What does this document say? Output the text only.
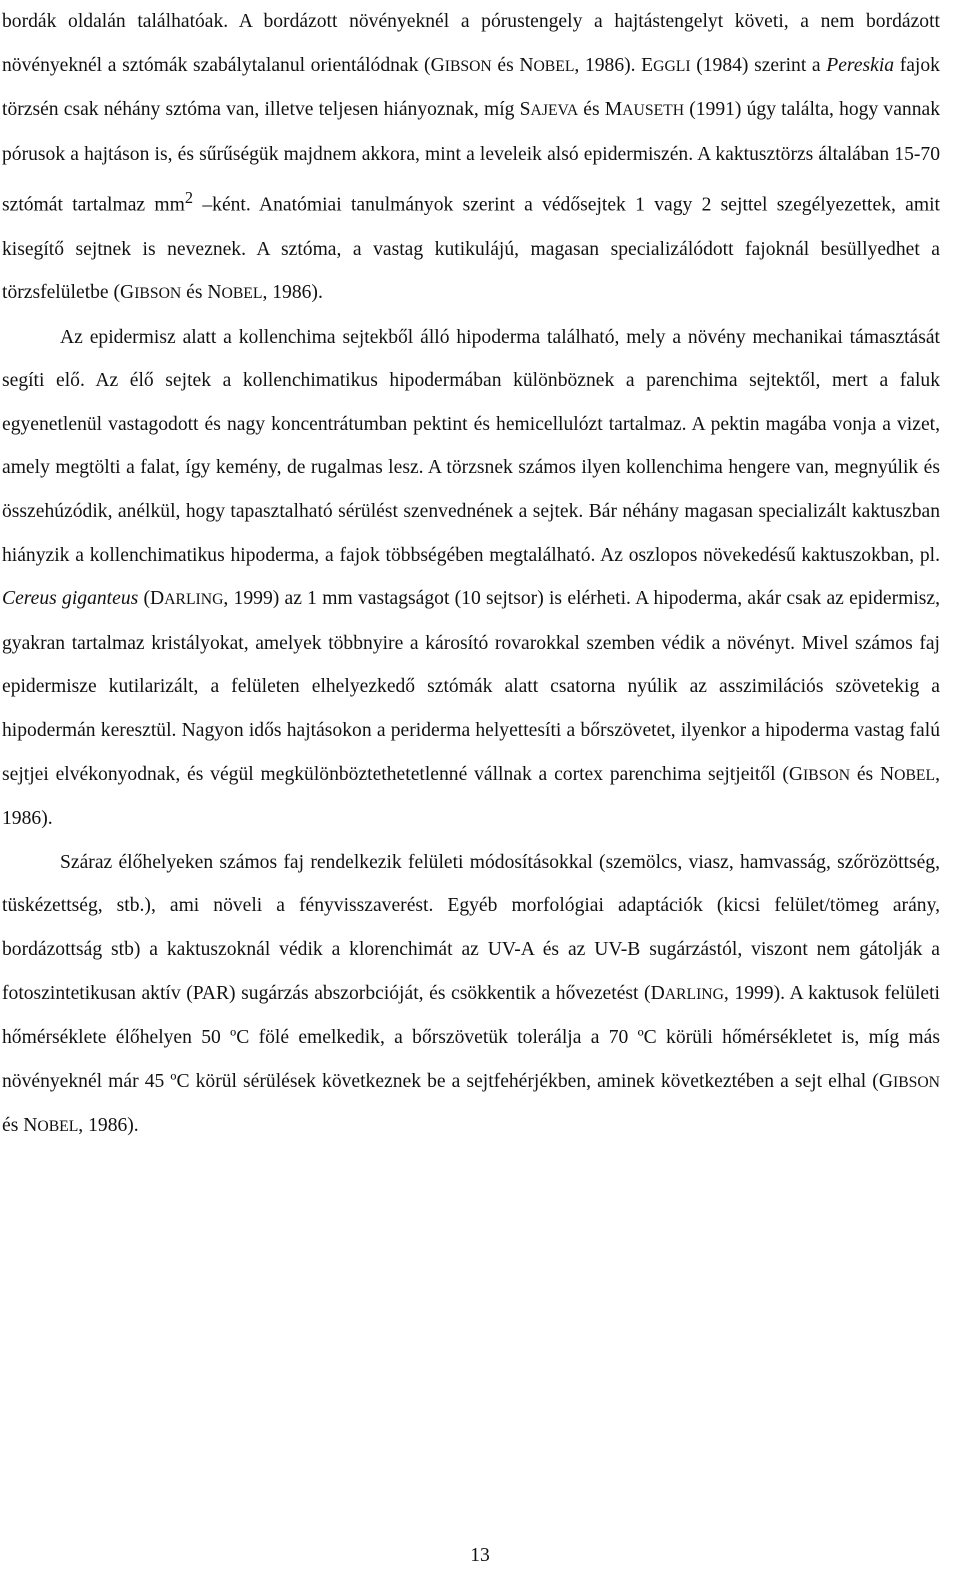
bordák oldalán találhatóak. A bordázott növényeknél a pórustengely a hajtástengelyt követi, a nem bordázott növényeknél a sztómák szabálytalanul orientálódnak (GIBSON és NOBEL, 1986). EGGLI (1984) szerint a Pereskia fajok törzsén csak néhány sztóma van, illetve teljesen hiányoznak, míg SAJEVA és MAUSETH (1991) úgy találta, hogy vannak pórusok a hajtáson is, és sűrűségük majdnem akkora, mint a leveleik alsó epidermiszén. A kaktusztörzs általában 15-70 sztómát tartalmaz $mm^2$ –ként. Anatómiai tanulmányok szerint a védősejtek 1 vagy 2 sejttel szegélyezettek, amit kisegítő sejtnek is neveznek. A sztóma, a vastag kutikulájú, magasan specializálódott fajoknál besüllyedhet a törzsfelületbe (GIBSON és NOBEL, 1986).

Az epidermisz alatt a kollenchima sejtekből álló hipoderma található, mely a növény mechanikai támasztását segíti elő. Az élő sejtek a kollenchimatikus hipodermában különböznek a parenchima sejtektől, mert a faluk egyenetlenül vastagodott és nagy koncentrátumban pektint és hemicellulózt tartalmaz. A pektin magába vonja a vizet, amely megtölti a falat, így kemény, de rugalmas lesz. A törzsnek számos ilyen kollenchima hengere van, megnyúlik és összehúzódik, anélkül, hogy tapasztalható sérülést szenvednének a sejtek. Bár néhány magasan specializált kaktuszban hiányzik a kollenchimatikus hipoderma, a fajok többségében megtalálható. Az oszlopos növekedésű kaktuszokban, pl. Cereus giganteus (DARLING, 1999) az 1 mm vastagságot (10 sejtsor) is elérheti. A hipoderma, akár csak az epidermisz, gyakran tartalmaz kristályokat, amelyek többnyire a károsító rovarokkal szemben védik a növényt. Mivel számos faj epidermisze kutilarizált, a felületen elhelyezkedő sztómák alatt csatorna nyúlik az asszimilációs szövetekig a hipodermán keresztül. Nagyon idős hajtásokon a periderma helyettesíti a bőrszövetet, ilyenkor a hipoderma vastag falú sejtjei elvékonyodnak, és végül megkülönböztethetetlenné vállnak a cortex parenchima sejtjeitől (GIBSON és NOBEL, 1986).

Száraz élőhelyeken számos faj rendelkezik felületi módosításokkal (szemölcs, viasz, hamvasság, szőrözöttség, tüskézettség, stb.), ami növeli a fényvisszaverést. Egyéb morfológiai adaptációk (kicsi felület/tömeg arány, bordázottság stb) a kaktuszoknál védik a klorenchimát az UV-A és az UV-B sugárzástól, viszont nem gátolják a fotoszintetikusan aktív (PAR) sugárzás abszorbcióját, és csökkentik a hővezetést (DARLING, 1999). A kaktusok felületi hőmérséklete élőhelyen 50 ºC fölé emelkedik, a bőrszövetük tolerálja a 70 ºC körüli hőmérsékletet is, míg más növényeknél már 45 ºC körül sérülések következnek be a sejtfehérjékben, aminek következtében a sejt elhal (GIBSON és NOBEL, 1986).

13
